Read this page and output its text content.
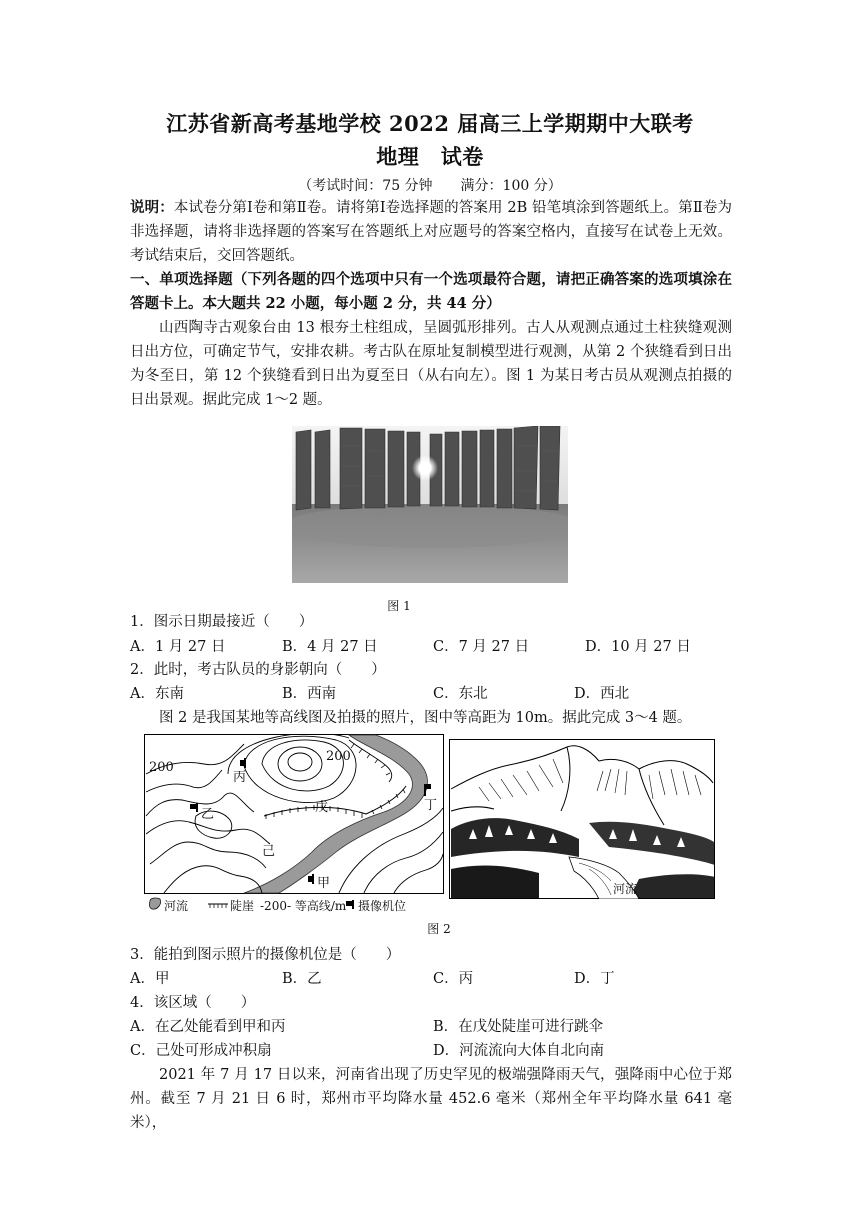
江苏省新高考基地学校 2022 届高三上学期期中大联考
地理　试卷
（考试时间：75 分钟　　满分：100 分）
说明：本试卷分第Ⅰ卷和第Ⅱ卷。请将第Ⅰ卷选择题的答案用 2B 铅笔填涂到答题纸上。第Ⅱ卷为非选择题，请将非选择题的答案写在答题纸上对应题号的答案空格内，直接写在试卷上无效。考试结束后，交回答题纸。
一、单项选择题（下列各题的四个选项中只有一个选项最符合题，请把正确答案的选项填涂在答题卡上。本大题共 22 小题，每小题 2 分，共 44 分）
山西陶寺古观象台由 13 根夯土柱组成，呈圆弧形排列。古人从观测点通过土柱狭缝观测日出方位，可确定节气，安排农耕。考古队在原址复制模型进行观测，从第 2 个狭缝看到日出为冬至日，第 12 个狭缝看到日出为夏至日（从右向左）。图 1 为某日考古员从观测点拍摄的日出景观。据此完成 1～2 题。
图 1
1．图示日期最接近（　　）
A．1 月 27 日	B．4 月 27 日	C．7 月 27 日	D．10 月 27 日
2．此时，考古队员的身影朝向（　　）
A．东南	B．西南	C．东北	D．西北
图 2 是我国某地等高线图及拍摄的照片，图中等高距为 10m。据此完成 3～4 题。
200
200
丙
乙	戊
己
丁
甲
河流	陡崖 -200- 等高线/m 摄像机位
河流
图 2
3．能拍到图示照片的摄像机位是（　　）
A．甲	B．乙	C．丙	D．丁
4．该区域（　　）
A．在乙处能看到甲和丙	B．在戊处陡崖可进行跳伞
C．己处可形成冲积扇	D．河流流向大体自北向南
2021 年 7 月 17 日以来，河南省出现了历史罕见的极端强降雨天气，强降雨中心位于郑州。截至 7 月 21 日 6 时，郑州市平均降水量 452.6 毫米（郑州全年平均降水量 641 毫米），
